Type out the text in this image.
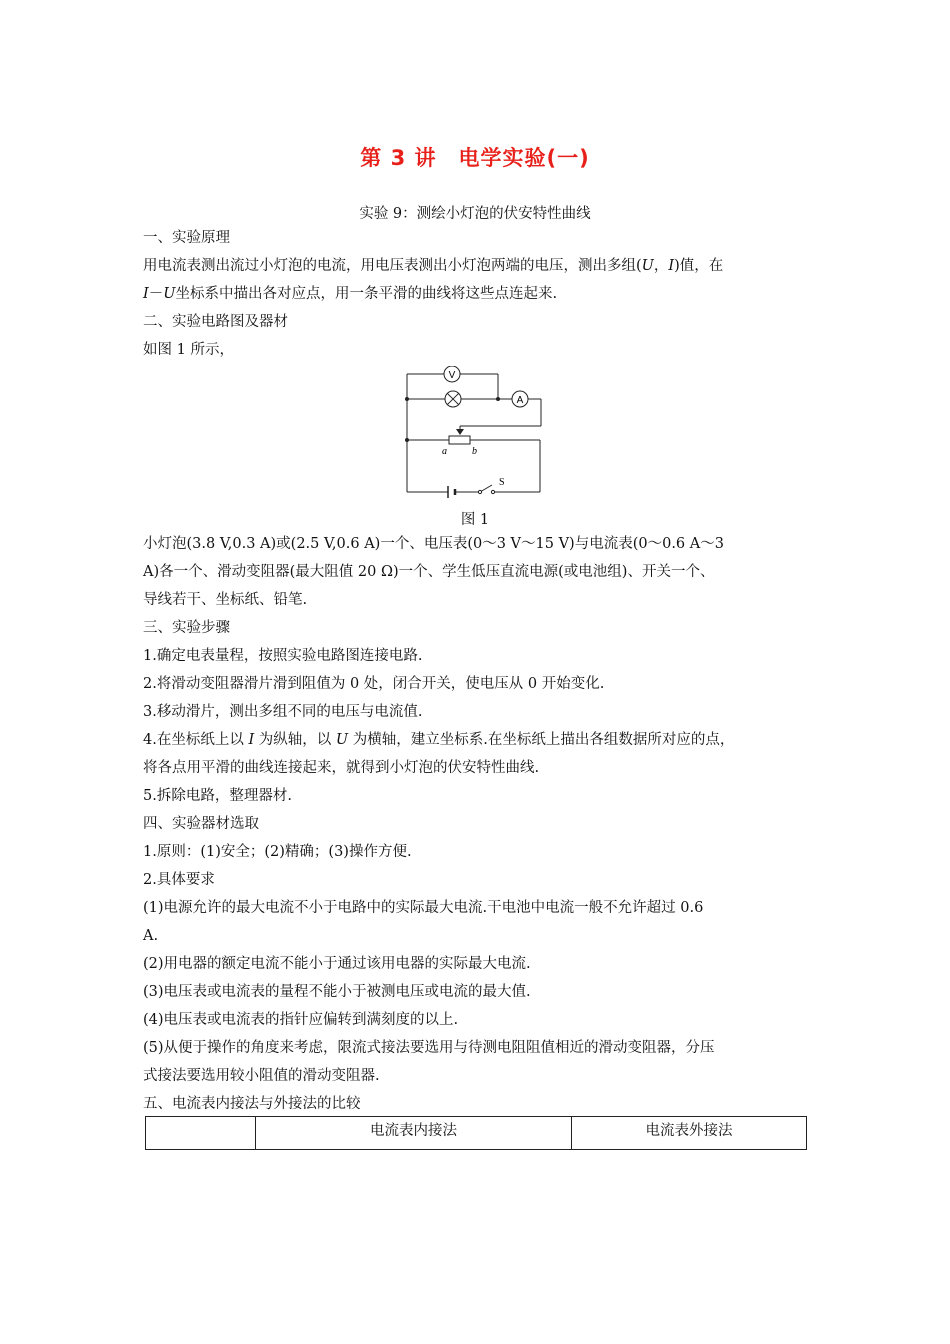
第 3 讲　电学实验(一)
实验 9：测绘小灯泡的伏安特性曲线
一、实验原理
用电流表测出流过小灯泡的电流，用电压表测出小灯泡两端的电压，测出多组(U，I)值，在
I－U坐标系中描出各对应点，用一条平滑的曲线将这些点连起来.
二、实验电路图及器材
如图 1 所示，
V
A
a	b
S
图 1
小灯泡(3.8 V,0.3 A)或(2.5 V,0.6 A)一个、电压表(0～3 V～15 V)与电流表(0～0.6 A～3
A)各一个、滑动变阻器(最大阻值 20 Ω)一个、学生低压直流电源(或电池组)、开关一个、
导线若干、坐标纸、铅笔.
三、实验步骤
1.确定电表量程，按照实验电路图连接电路.
2.将滑动变阻器滑片滑到阻值为 0 处，闭合开关，使电压从 0 开始变化.
3.移动滑片，测出多组不同的电压与电流值.
4.在坐标纸上以 I 为纵轴，以 U 为横轴，建立坐标系.在坐标纸上描出各组数据所对应的点，
将各点用平滑的曲线连接起来，就得到小灯泡的伏安特性曲线.
5.拆除电路，整理器材.
四、实验器材选取
1.原则：(1)安全；(2)精确；(3)操作方便.
2.具体要求
(1)电源允许的最大电流不小于电路中的实际最大电流.干电池中电流一般不允许超过 0.6
A.
(2)用电器的额定电流不能小于通过该用电器的实际最大电流.
(3)电压表或电流表的量程不能小于被测电压或电流的最大值.
(4)电压表或电流表的指针应偏转到满刻度的以上.
(5)从便于操作的角度来考虑，限流式接法要选用与待测电阻阻值相近的滑动变阻器，分压
式接法要选用较小阻值的滑动变阻器.
五、电流表内接法与外接法的比较
	电流表内接法	电流表外接法
